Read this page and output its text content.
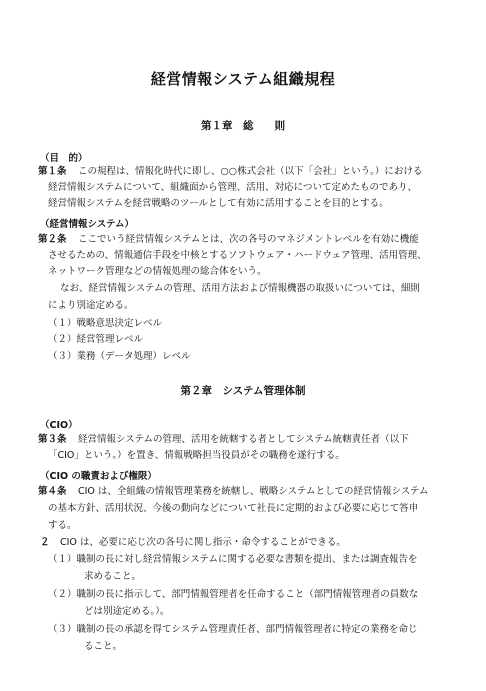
経営情報システム組織規程
第１章　総　　則
（目　的）
第１条 この規程は、情報化時代に即し、○○株式会社（以下「会社」という。）における
経営情報システムについて、組織面から管理、活用、対応について定めたものであり、
経営情報システムを経営戦略のツールとして有効に活用することを目的とする。
（経営情報システム）
第２条 ここでいう経営情報システムとは、次の各号のマネジメントレベルを有効に機能
させるための、情報通信手段を中核とするソフトウェア・ハードウェア管理、活用管理、
ネットワーク管理などの情報処理の総合体をいう。
なお、経営情報システムの管理、活用方法および情報機器の取扱いについては、細則
により別途定める。
（１）戦略意思決定レベル
（２）経営管理レベル
（３）業務（データ処理）レベル
第２章　システム管理体制
（CIO）
第３条 経営情報システムの管理、活用を統轄する者としてシステム統轄責任者（以下
「CIO」という。）を置き、情報戦略担当役員がその職務を遂行する。
（CIO の職責および権限）
第４条 CIO は、全組織の情報管理業務を統轄し、戦略システムとしての経営情報システム
の基本方針、活用状況、今後の動向などについて社長に定期的および必要に応じて答申
する。
２ CIO は、必要に応じ次の各号に関し指示・命令することができる。
（１）職制の長に対し経営情報システムに関する必要な書類を提出、または調査報告を
求めること。
（２）職制の長に指示して、部門情報管理者を任命すること（部門情報管理者の員数な
どは別途定める。）。
（３）職制の長の承認を得てシステム管理責任者、部門情報管理者に特定の業務を命じ
ること。
